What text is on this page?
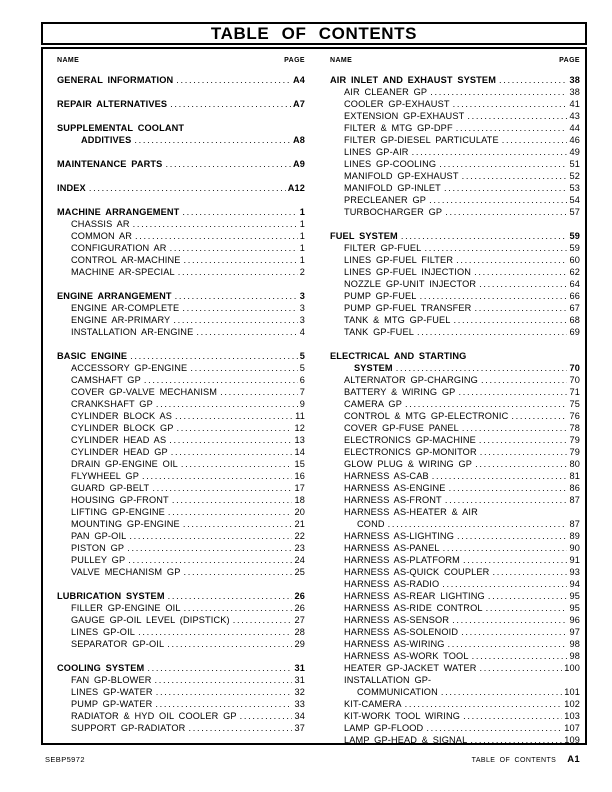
TABLE OF CONTENTS
NAME	PAGE
GENERAL INFORMATION .....	A4
REPAIR ALTERNATIVES .....	A7
SUPPLEMENTAL COOLANT
ADDITIVES .....	A8
MAINTENANCE PARTS .....	A9
INDEX .....	A12
MACHINE ARRANGEMENT .....	1
CHASSIS AR .....	1
COMMON AR .....	1
CONFIGURATION AR .....	1
CONTROL AR-MACHINE .....	1
MACHINE AR-SPECIAL .....	2
ENGINE ARRANGEMENT .....	3
ENGINE AR-COMPLETE .....	3
ENGINE AR-PRIMARY .....	3
INSTALLATION AR-ENGINE .....	4
BASIC ENGINE .....	5
ACCESSORY GP-ENGINE .....	5
CAMSHAFT GP .....	6
COVER GP-VALVE MECHANISM .....	7
CRANKSHAFT GP .....	9
CYLINDER BLOCK AS .....	11
CYLINDER BLOCK GP .....	12
CYLINDER HEAD AS .....	13
CYLINDER HEAD GP .....	14
DRAIN GP-ENGINE OIL .....	15
FLYWHEEL GP .....	16
GUARD GP-BELT .....	17
HOUSING GP-FRONT .....	18
LIFTING GP-ENGINE .....	20
MOUNTING GP-ENGINE .....	21
PAN GP-OIL .....	22
PISTON GP .....	23
PULLEY GP .....	24
VALVE MECHANISM GP .....	25
LUBRICATION SYSTEM .....	26
FILLER GP-ENGINE OIL .....	26
GAUGE GP-OIL LEVEL (DIPSTICK) .....	27
LINES GP-OIL .....	28
SEPARATOR GP-OIL .....	29
COOLING SYSTEM .....	31
FAN GP-BLOWER .....	31
LINES GP-WATER .....	32
PUMP GP-WATER .....	33
RADIATOR & HYD OIL COOLER GP .....	34
SUPPORT GP-RADIATOR .....	37
NAME	PAGE
AIR INLET AND EXHAUST SYSTEM .....	38
AIR CLEANER GP .....	38
COOLER GP-EXHAUST .....	41
EXTENSION GP-EXHAUST .....	43
FILTER & MTG GP-DPF .....	44
FILTER GP-DIESEL PARTICULATE .....	46
LINES GP-AIR .....	49
LINES GP-COOLING .....	51
MANIFOLD GP-EXHAUST .....	52
MANIFOLD GP-INLET .....	53
PRECLEANER GP .....	54
TURBOCHARGER GP .....	57
FUEL SYSTEM .....	59
FILTER GP-FUEL .....	59
LINES GP-FUEL FILTER .....	60
LINES GP-FUEL INJECTION .....	62
NOZZLE GP-UNIT INJECTOR .....	64
PUMP GP-FUEL .....	66
PUMP GP-FUEL TRANSFER .....	67
TANK & MTG GP-FUEL .....	68
TANK GP-FUEL .....	69
ELECTRICAL AND STARTING
SYSTEM .....	70
ALTERNATOR GP-CHARGING .....	70
BATTERY & WIRING GP .....	71
CAMERA GP .....	75
CONTROL & MTG GP-ELECTRONIC .....	76
COVER GP-FUSE PANEL .....	78
ELECTRONICS GP-MACHINE .....	79
ELECTRONICS GP-MONITOR .....	79
GLOW PLUG & WIRING GP .....	80
HARNESS AS-CAB .....	81
HARNESS AS-ENGINE .....	86
HARNESS AS-FRONT .....	87
HARNESS AS-HEATER & AIR
COND .....	87
HARNESS AS-LIGHTING .....	89
HARNESS AS-PANEL .....	90
HARNESS AS-PLATFORM .....	91
HARNESS AS-QUICK COUPLER .....	93
HARNESS AS-RADIO .....	94
HARNESS AS-REAR LIGHTING .....	95
HARNESS AS-RIDE CONTROL .....	95
HARNESS AS-SENSOR .....	96
HARNESS AS-SOLENOID .....	97
HARNESS AS-WIRING .....	98
HARNESS AS-WORK TOOL .....	98
HEATER GP-JACKET WATER .....	100
INSTALLATION GP-
COMMUNICATION .....	101
KIT-CAMERA .....	102
KIT-WORK TOOL WIRING .....	103
LAMP GP-FLOOD .....	107
LAMP GP-HEAD & SIGNAL .....	109
SEBP5972	TABLE OF CONTENTS A1
